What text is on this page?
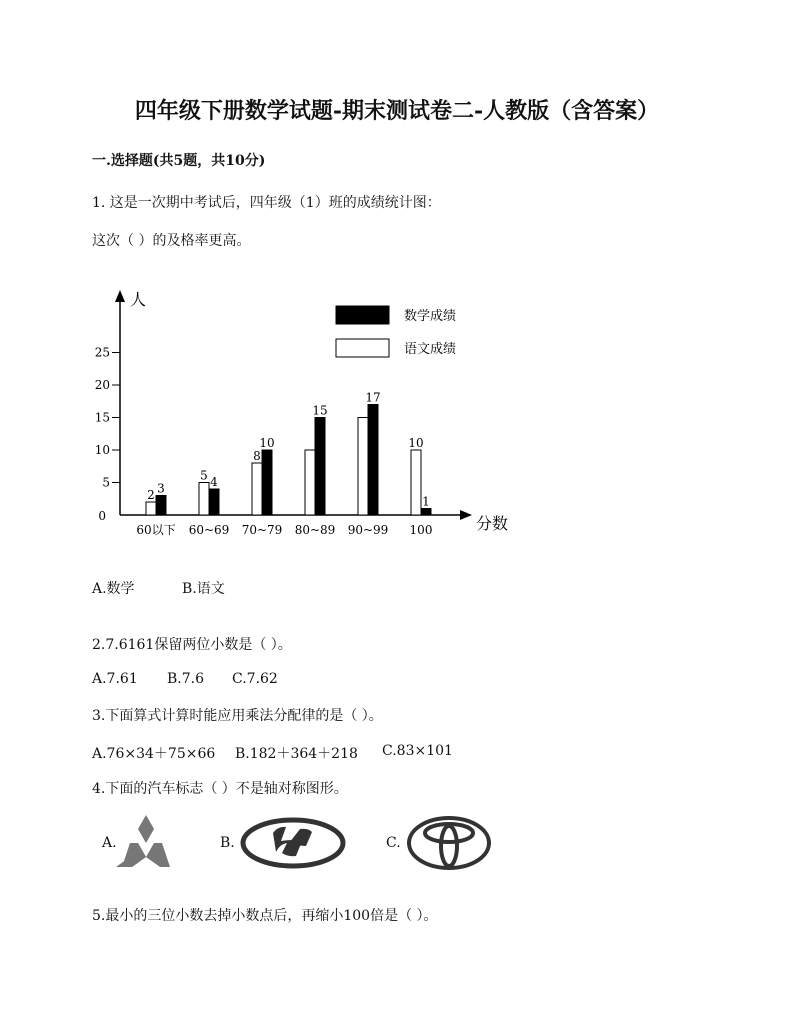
四年级下册数学试题-期末测试卷二-人教版（含答案）
一.选择题(共5题，共10分)
1. 这是一次期中考试后，四年级（1）班的成绩统计图：
这次（ ）的及格率更高。
人
分数
0
5
10
15
20
25
2 3
60以下
5 4
60~69
8
10
70~79
15
80~89
17
90~99
10
1
100
数学成绩
语文成绩
A.数学	B.语文
2.7.6161保留两位小数是（ ）。
A.7.61 B.7.6 C.7.62
3.下面算式计算时能应用乘法分配律的是（ ）。
A.76×34＋75×66 B.182＋364＋218 C.83×101
4.下面的汽车标志（ ）不是轴对称图形。
A.	B.	C.
5.最小的三位小数去掉小数点后，再缩小100倍是（ ）。
